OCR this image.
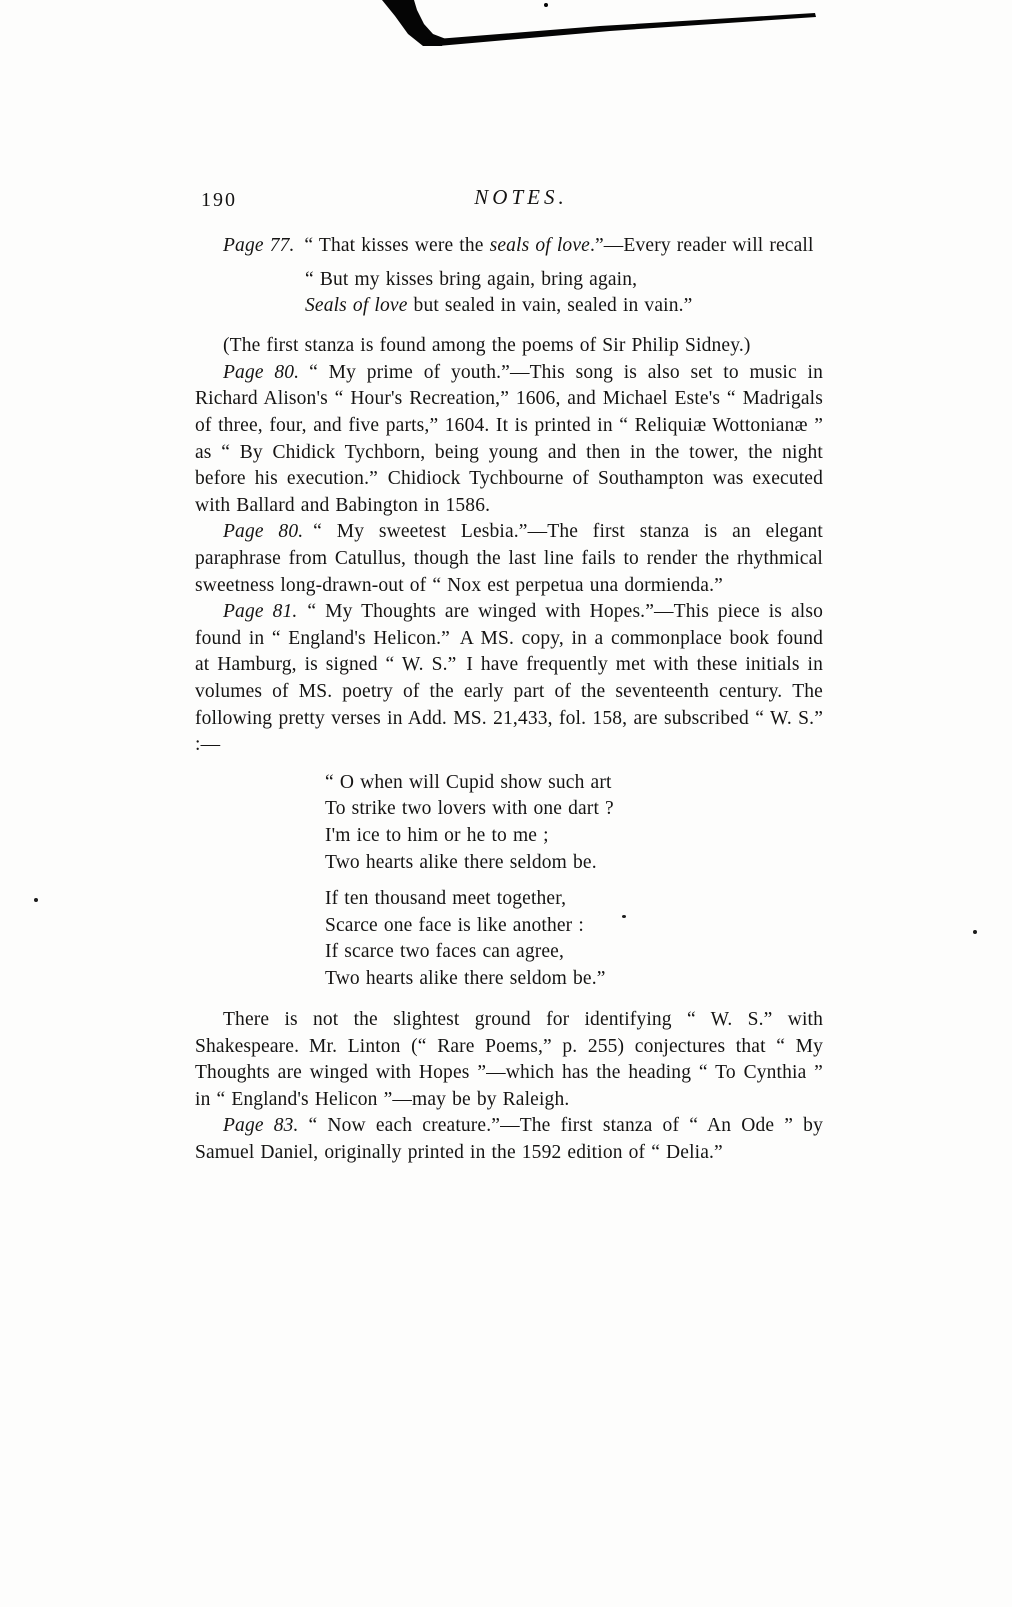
190	NOTES.

Page 77. “ That kisses were the seals of love.”—Every reader will recall

“ But my kisses bring again, bring again,
Seals of love but sealed in vain, sealed in vain.”

(The first stanza is found among the poems of Sir Philip Sidney.)

Page 80. “ My prime of youth.”—This song is also set to music in Richard Alison's “ Hour's Recreation,” 1606, and Michael Este's “ Madrigals of three, four, and five parts,” 1604. It is printed in “ Reliquiæ Wottonianæ ” as “ By Chidick Tychborn, being young and then in the tower, the night before his execution.” Chidiock Tychbourne of Southampton was executed with Ballard and Babington in 1586.

Page 80. “ My sweetest Lesbia.”—The first stanza is an elegant paraphrase from Catullus, though the last line fails to render the rhythmical sweetness long-drawn-out of “ Nox est perpetua una dormienda.”

Page 81. “ My Thoughts are winged with Hopes.”—This piece is also found in “ England's Helicon.” A MS. copy, in a commonplace book found at Hamburg, is signed “ W. S.” I have frequently met with these initials in volumes of MS. poetry of the early part of the seventeenth century. The following pretty verses in Add. MS. 21,433, fol. 158, are subscribed “ W. S.” :—

“ O when will Cupid show such art
To strike two lovers with one dart ?
I'm ice to him or he to me ;
Two hearts alike there seldom be.
If ten thousand meet together,
Scarce one face is like another :
If scarce two faces can agree,
Two hearts alike there seldom be.”

There is not the slightest ground for identifying “ W. S.” with Shakespeare. Mr. Linton (“ Rare Poems,” p. 255) conjectures that “ My Thoughts are winged with Hopes ”—which has the heading “ To Cynthia ” in “ England's Helicon ”—may be by Raleigh.

Page 83. “ Now each creature.”—The first stanza of “ An Ode ” by Samuel Daniel, originally printed in the 1592 edition of “ Delia.”
